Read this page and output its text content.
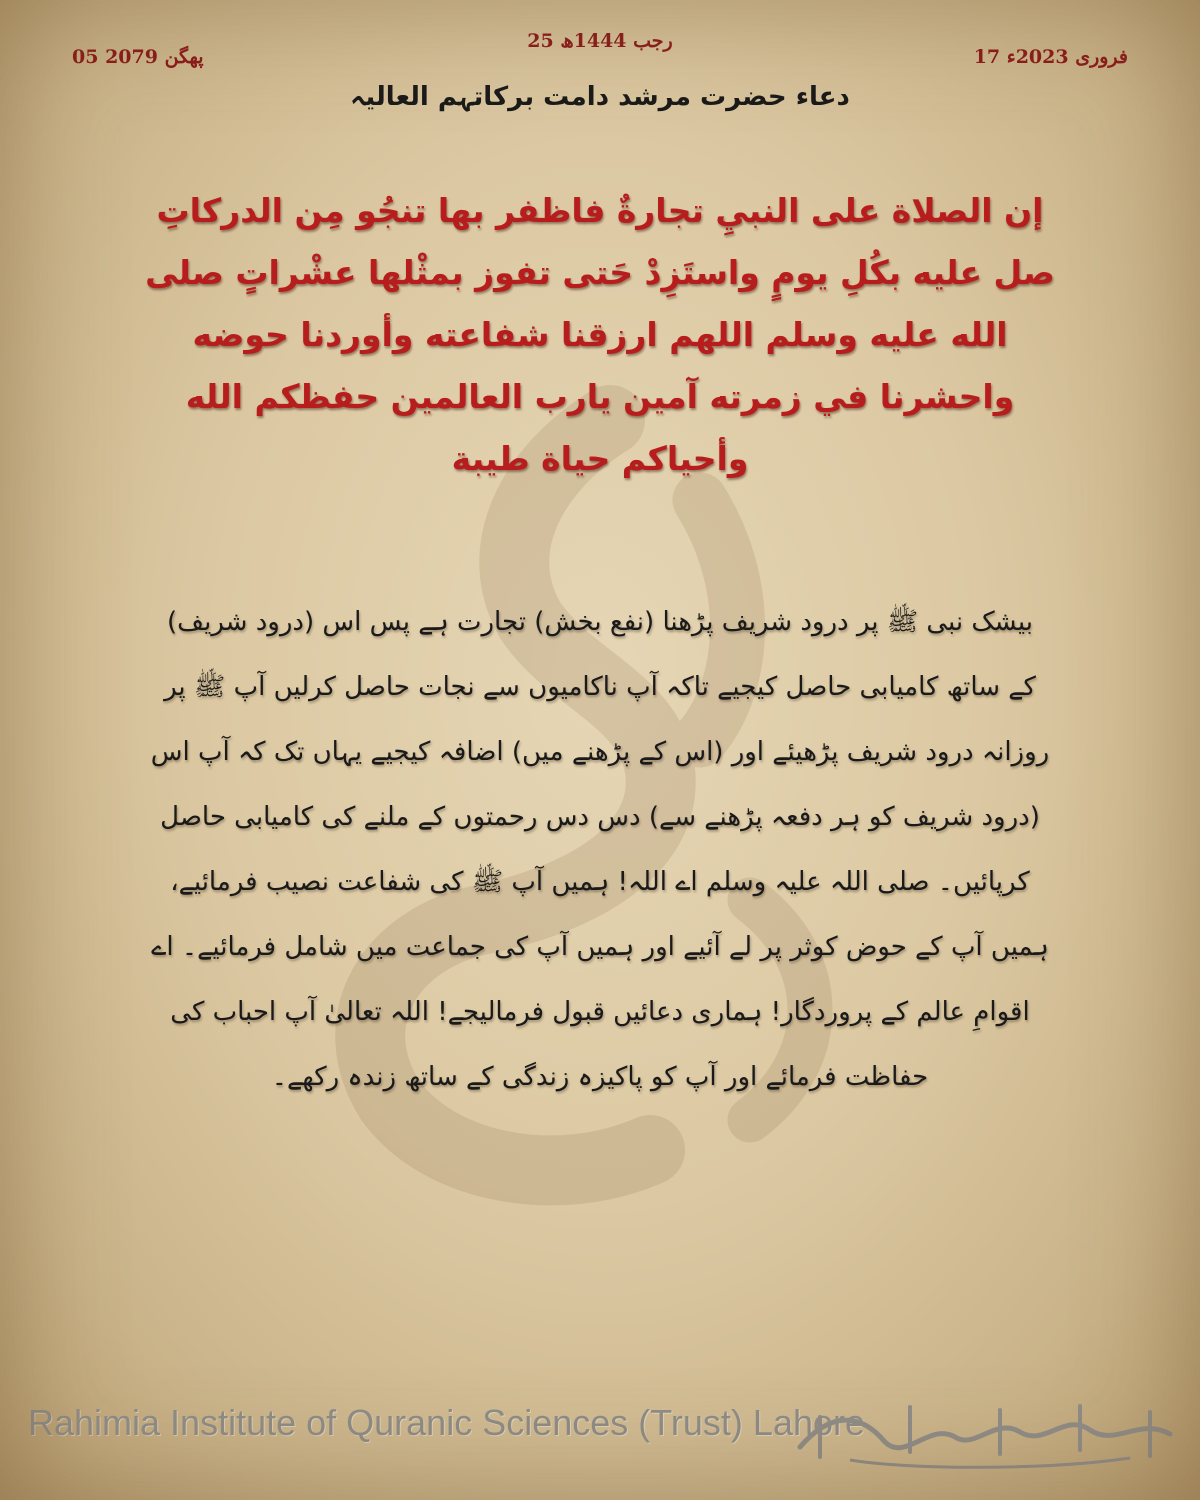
25 رجب 1444ھ
05 پھگن 2079	17 فروری 2023ء
دعاء حضرت مرشد دامت برکاتہم العالیہ
إن الصلاة على النبيِ تجارةٌ فاظفر بها تنجُو مِن الدركاتِ صل عليه بكُلِ يومٍ واستَزِدْ حَتى تفوز بمثْلها عشْراتٍ صلى الله عليه وسلم اللهم ارزقنا شفاعته وأوردنا حوضه واحشرنا في زمرته آمين يارب العالمين حفظكم الله وأحياكم حياة طيبة
بیشک نبی ﷺ پر درود شریف پڑھنا (نفع بخش) تجارت ہے پس اس (درود شریف) کے ساتھ کامیابی حاصل کیجیے تاکہ آپ ناکامیوں سے نجات حاصل کرلیں آپ ﷺ پر روزانہ درود شریف پڑھیئے اور (اس کے پڑھنے میں) اضافہ کیجیے یہاں تک کہ آپ اس (درود شریف کو ہر دفعہ پڑھنے سے) دس دس رحمتوں کے ملنے کی کامیابی حاصل کرپائیں۔ صلی اللہ علیہ وسلم اے اللہ! ہمیں آپ ﷺ کی شفاعت نصیب فرمائیے، ہمیں آپ کے حوض کوثر پر لے آئیے اور ہمیں آپ کی جماعت میں شامل فرمائیے۔ اے اقوامِ عالم کے پروردگار! ہماری دعائیں قبول فرمالیجے! اللہ تعالیٰ آپ احباب کی حفاظت فرمائے اور آپ کو پاکیزہ زندگی کے ساتھ زندہ رکھے۔
Rahimia Institute of Quranic Sciences (Trust) Lahore
